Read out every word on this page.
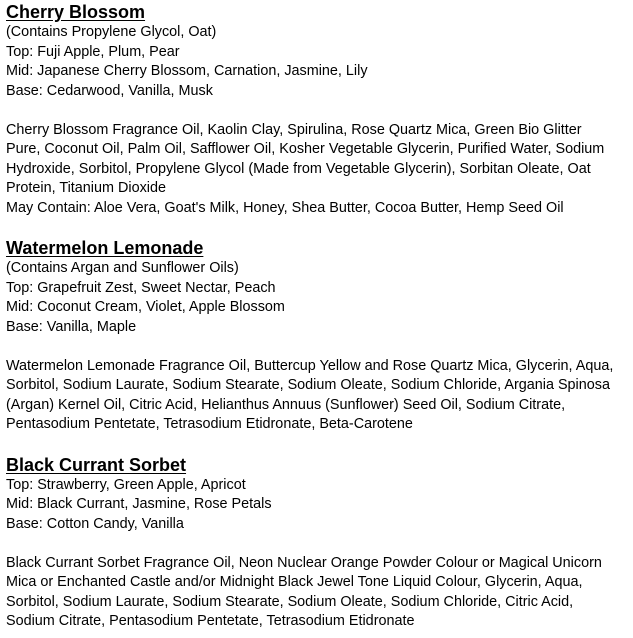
Cherry Blossom
(Contains Propylene Glycol, Oat)
Top: Fuji Apple, Plum, Pear
Mid: Japanese Cherry Blossom, Carnation, Jasmine, Lily
Base: Cedarwood, Vanilla, Musk
Cherry Blossom Fragrance Oil, Kaolin Clay, Spirulina, Rose Quartz Mica, Green Bio Glitter
Pure, Coconut Oil, Palm Oil, Safflower Oil, Kosher Vegetable Glycerin, Purified Water, Sodium
Hydroxide, Sorbitol, Propylene Glycol (Made from Vegetable Glycerin), Sorbitan Oleate, Oat
Protein, Titanium Dioxide
May Contain: Aloe Vera, Goat's Milk, Honey, Shea Butter, Cocoa Butter, Hemp Seed Oil
Watermelon Lemonade
(Contains Argan and Sunflower Oils)
Top: Grapefruit Zest, Sweet Nectar, Peach
Mid: Coconut Cream, Violet, Apple Blossom
Base: Vanilla, Maple
Watermelon Lemonade Fragrance Oil, Buttercup Yellow and Rose Quartz Mica, Glycerin, Aqua,
Sorbitol, Sodium Laurate, Sodium Stearate, Sodium Oleate, Sodium Chloride, Argania Spinosa
(Argan) Kernel Oil, Citric Acid, Helianthus Annuus (Sunflower) Seed Oil, Sodium Citrate,
Pentasodium Pentetate, Tetrasodium Etidronate, Beta-Carotene
Black Currant Sorbet
Top: Strawberry, Green Apple, Apricot
Mid: Black Currant, Jasmine, Rose Petals
Base: Cotton Candy, Vanilla
Black Currant Sorbet Fragrance Oil, Neon Nuclear Orange Powder Colour or Magical Unicorn
Mica or Enchanted Castle and/or Midnight Black Jewel Tone Liquid Colour, Glycerin, Aqua,
Sorbitol, Sodium Laurate, Sodium Stearate, Sodium Oleate, Sodium Chloride, Citric Acid,
Sodium Citrate, Pentasodium Pentetate, Tetrasodium Etidronate
